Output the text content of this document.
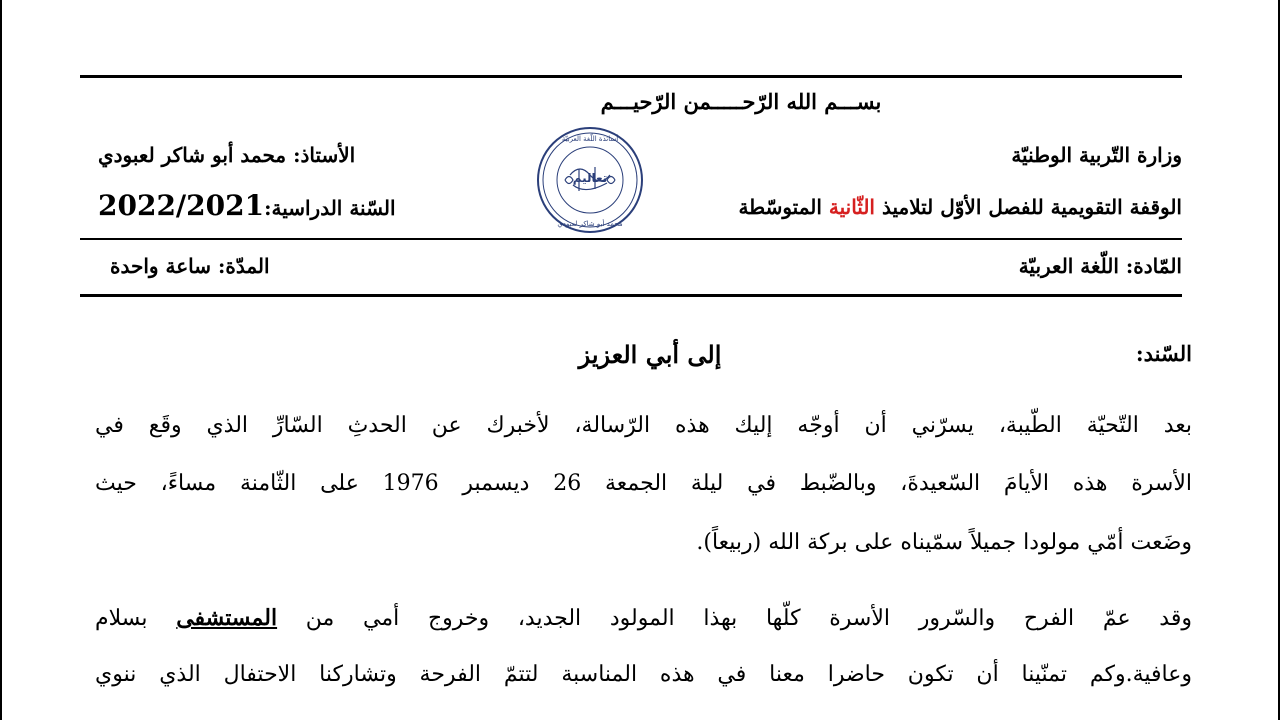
بســـم الله الرّحـــــمن الرّحيـــم
وزارة التّربية الوطنيّة
الوقفة التقويمية للفصل الأوّل لتلاميذ الثّانية المتوسّطة
الأستاذ: محمد أبو شاكر لعبودي
السّنة الدراسية:2022/2021
أساتذة اللّغة العربيّة
تعاليم
محمد أبو شاكر لعبودي
المّادة: اللّغة العربيّة
المدّة: ساعة واحدة
السّند:
إلى أبي العزيز
بعد التّحيّة الطّيبة، يسرّني أن أوجّه إليك هذه الرّسالة، لأخبرك عن الحدثِ السّارِّ الذي وقَع في
الأسرة هذه الأيامَ السّعيدةَ، وبالضّبط في ليلة الجمعة 26 ديسمبر 1976 على الثّامنة مساءً، حيث
وضَعت أمّي مولودا جميلاً سمّيناه على بركة الله (ربيعاً).
وقد عمّ الفرح والسّرور الأسرة كلّها بهذا المولود الجديد، وخروج أمي من المستشفى بسلام
وعافية.وكم تمنّينا أن تكون حاضرا معنا في هذه المناسبة لتتمّ الفرحة وتشاركنا الاحتفال الذي ننوي
